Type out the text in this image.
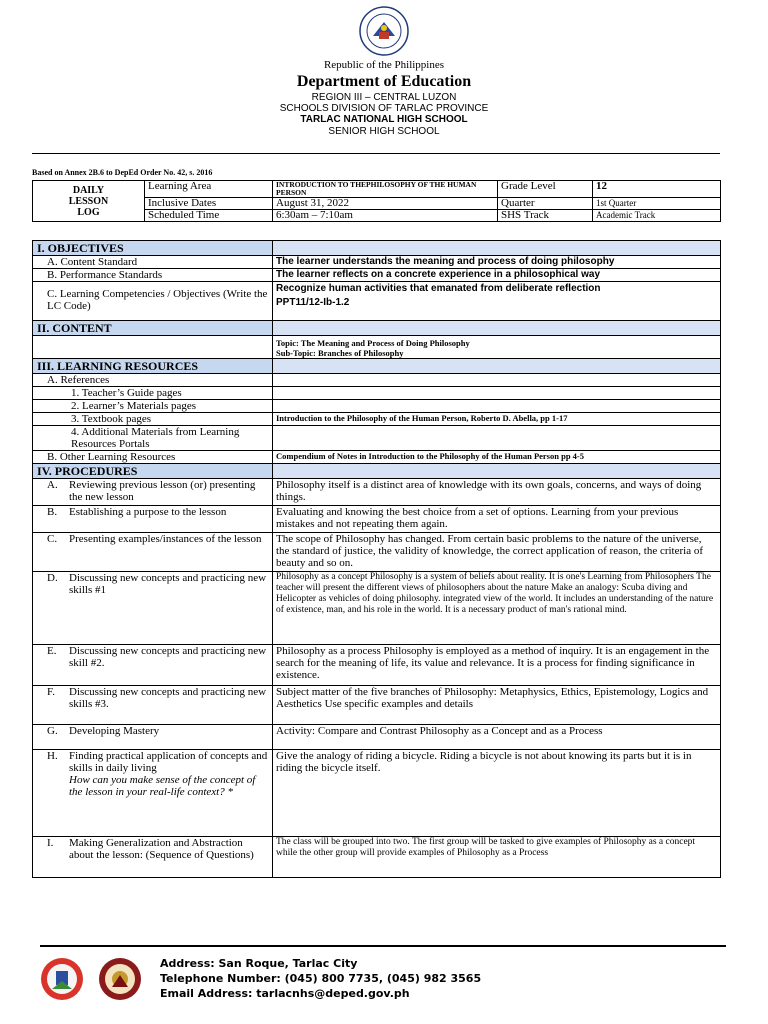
Republic of the Philippines
Department of Education
REGION III – CENTRAL LUZON
SCHOOLS DIVISION OF TARLAC PROVINCE
TARLAC NATIONAL HIGH SCHOOL
SENIOR HIGH SCHOOL
Based on Annex 2B.6 to DepEd Order No. 42, s. 2016
DAILY
LESSON
LOG	Learning Area	INTRODUCTION TO THEPHILOSOPHY OF THE HUMAN PERSON	Grade Level	12
	Inclusive Dates	August 31, 2022	Quarter	1st Quarter
	Scheduled Time	6:30am – 7:10am	SHS Track	Academic Track
I. OBJECTIVES	
A. Content Standard	The learner understands the meaning and process of doing philosophy
B. Performance Standards	The learner reflects on a concrete experience in a philosophical way
C. Learning Competencies / Objectives (Write the LC Code)	Recognize human activities that emanated from deliberate reflection
PPT11/12-Ib-1.2

II. CONTENT	

	Topic: The Meaning and Process of Doing Philosophy
Sub-Topic: Branches of Philosophy

III. LEARNING RESOURCES	
A. References	
1. Teacher’s Guide pages	
2. Learner’s Materials pages	
3. Textbook pages	Introduction to the Philosophy of the Human Person, Roberto D. Abella, pp 1-17
4. Additional Materials from Learning Resources Portals	
B. Other Learning Resources	Compendium of Notes in Introduction to the Philosophy of the Human Person pp 4-5
IV. PROCEDURES	

A. Reviewing previous lesson (or) presenting the new lesson	Philosophy itself is a distinct area of knowledge with its own goals, concerns, and ways of doing things.

B. Establishing a purpose to the lesson	Evaluating and knowing the best choice from a set of options. Learning from your previous mistakes and not repeating them again.

C. Presenting examples/instances of the lesson	The scope of Philosophy has changed. From certain basic problems to the nature of the universe, the standard of justice, the validity of knowledge, the correct application of reason, the criteria of beauty and so on.

D. Discussing new concepts and practicing new skills #1	Philosophy as a concept Philosophy is a system of beliefs about reality. It is one's Learning from Philosophers The teacher will present the different views of philosophers about the nature Make an analogy: Scuba diving and Helicopter as vehicles of doing philosophy. integrated view of the world. It includes an understanding of the nature of existence, man, and his role in the world. It is a necessary product of man's rational mind.

E. Discussing new concepts and practicing new skill #2.	Philosophy as a process Philosophy is employed as a method of inquiry. It is an engagement in the search for the meaning of life, its value and relevance. It is a process for finding significance in existence.

F. Discussing new concepts and practicing new skills #3.	Subject matter of the five branches of Philosophy: Metaphysics, Ethics, Epistemology, Logics and Aesthetics Use specific examples and details

G. Developing Mastery	Activity: Compare and Contrast Philosophy as a Concept and as a Process

H. Finding practical application of concepts and skills in daily living
How can you make sense of the concept of the lesson in your real-life context? *	Give the analogy of riding a bicycle. Riding a bicycle is not about knowing its parts but it is in riding the bicycle itself.

I. Making Generalization and Abstraction about the lesson: (Sequence of Questions)	The class will be grouped into two. The first group will be tasked to give examples of Philosophy as a concept while the other group will provide examples of Philosophy as a Process
Address: San Roque, Tarlac City
Telephone Number: (045) 800 7735, (045) 982 3565
Email Address: tarlacnhs@deped.gov.ph
